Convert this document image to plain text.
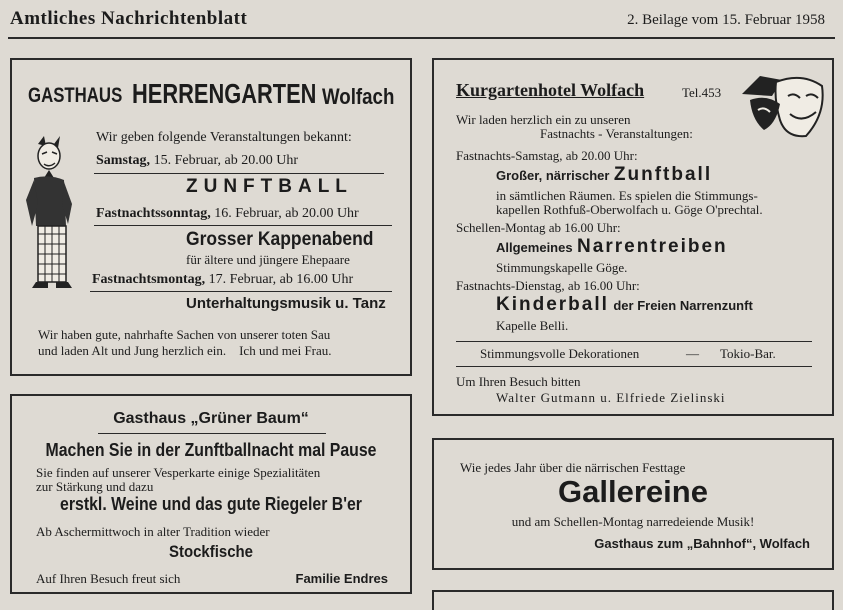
Amtliches Nachrichtenblatt	2. Beilage vom 15. Februar 1958
GASTHAUS HERRENGARTEN Wolfach
Wir geben folgende Veranstaltungen bekannt:
Samstag, 15. Februar, ab 20.00 Uhr
ZUNFTBALL
Fastnachtssonntag, 16. Februar, ab 20.00 Uhr
Grosser Kappenabend
für ältere und jüngere Ehepaare
Fastnachtsmontag, 17. Februar, ab 16.00 Uhr
Unterhaltungsmusik u. Tanz
Wir haben gute, nahrhafte Sachen von unserer toten Sau
und laden Alt und Jung herzlich ein.    Ich und mei Frau.
Gasthaus „Grüner Baum“
Machen Sie in der Zunftballnacht mal Pause
Sie finden auf unserer Vesperkarte einige Spezialitäten
zur Stärkung und dazu
erstkl. Weine und das gute Riegeler B'er
Ab Aschermittwoch in alter Tradition wieder
Stockfische
Auf Ihren Besuch freut sich	Familie Endres
Kurgartenhotel Wolfach	Tel.453
Wir laden herzlich ein zu unseren
Fastnachts - Veranstaltungen:
Fastnachts-Samstag, ab 20.00 Uhr:
Großer, närrischer Zunftball
in sämtlichen Räumen. Es spielen die Stimmungs-
kapellen Rothfuß-Oberwolfach u. Göge O'prechtal.
Schellen-Montag ab 16.00 Uhr:
Allgemeines Narrentreiben
Stimmungskapelle Göge.
Fastnachts-Dienstag, ab 16.00 Uhr:
Kinderball der Freien Narrenzunft
Kapelle Belli.
Stimmungsvolle Dekorationen	— Tokio-Bar.
Um Ihren Besuch bitten
Walter Gutmann u. Elfriede Zielinski
Wie jedes Jahr über die närrischen Festtage
Gallereine
und am Schellen-Montag narredeiende Musik!
Gasthaus zum „Bahnhof“, Wolfach
